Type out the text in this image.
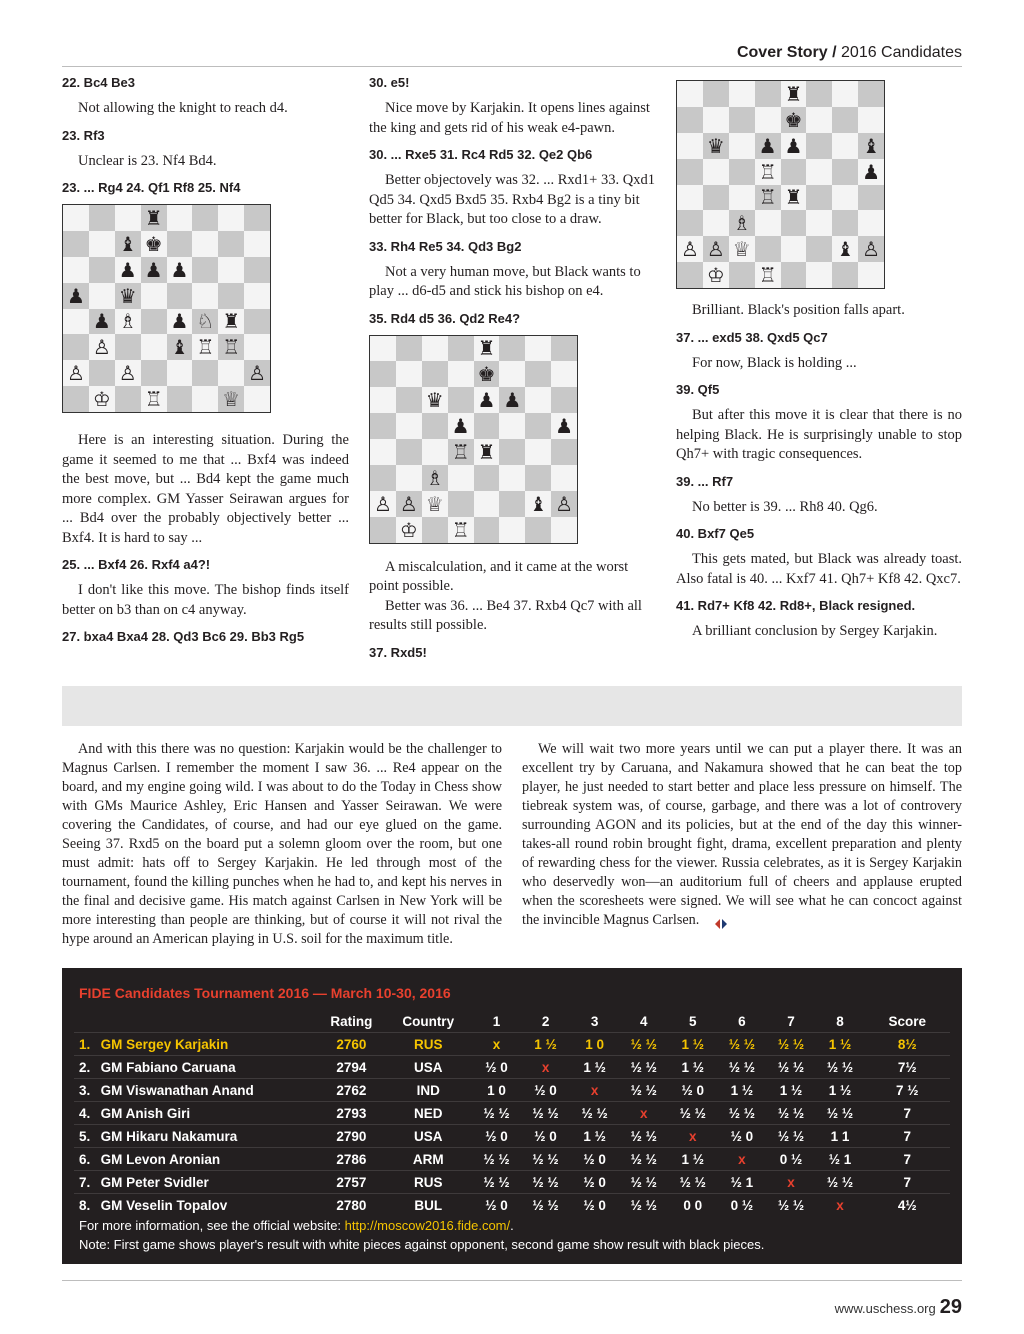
Cover Story / 2016 Candidates
22. Bc4 Be3
Not allowing the knight to reach d4.
23. Rf3
Unclear is 23. Nf4 Bd4.
23. ... Rg4 24. Qf1 Rf8 25. Nf4
♜
♝ ♚
♟ ♟ ♟
♟ ♛
♟ ♗ ♟ ♘ ♜
♙	♝ ♖ ♖
♙ ♙	♙
♔ ♖	♕
Here is an interesting situation. During the game it seemed to me that ... Bxf4 was indeed the best move, but ... Bd4 kept the game much more complex. GM Yasser Seirawan argues for ... Bd4 over the probably objectively better ... Bxf4. It is hard to say ...
25. ... Bxf4 26. Rxf4 a4?!
I don't like this move. The bishop finds itself better on b3 than on c4 anyway.
27. bxa4 Bxa4 28. Qd3 Bc6 29. Bb3 Rg5
30. e5!
Nice move by Karjakin. It opens lines against the king and gets rid of his weak e4-pawn.
30. ... Rxe5 31. Rc4 Rd5 32. Qe2 Qb6
Better objectovely was 32. ... Rxd1+ 33. Qxd1 Qd5 34. Qxd5 Bxd5 35. Rxb4 Bg2 is a tiny bit better for Black, but too close to a draw.
33. Rh4 Re5 34. Qd3 Bg2
Not a very human move, but Black wants to play ... d6-d5 and stick his bishop on e4.
35. Rd4 d5 36. Qd2 Re4?
♜
♚
♛ ♟ ♟
♟	♟
♖ ♜
♗
♙ ♙ ♕	♝ ♙
♔ ♖
A miscalculation, and it came at the worst point possible.
Better was 36. ... Be4 37. Rxb4 Qc7 with all results still possible.
37. Rxd5!
♜
♚
♛ ♟ ♟	♝
♖	♟
♖ ♜
♗
♙ ♙ ♕	♝ ♙
♔ ♖
Brilliant. Black's position falls apart.
37. ... exd5 38. Qxd5 Qc7
For now, Black is holding ...
39. Qf5
But after this move it is clear that there is no helping Black. He is surprisingly unable to stop Qh7+ with tragic consequences.
39. ... Rf7
No better is 39. ... Rh8 40. Qg6.
40. Bxf7 Qe5
This gets mated, but Black was already toast. Also fatal is 40. ... Kxf7 41. Qh7+ Kf8 42. Qxc7.
41. Rd7+ Kf8 42. Rd8+, Black resigned.
A brilliant conclusion by Sergey Karjakin.

And with this there was no question: Karjakin would be the challenger to Magnus Carlsen. I remember the moment I saw 36. ... Re4 appear on the board, and my engine going wild. I was about to do the Today in Chess show with GMs Maurice Ashley, Eric Hansen and Yasser Seirawan. We were covering the Candidates, of course, and had our eye glued on the game. Seeing 37. Rxd5 on the board put a solemn gloom over the room, but one must admit: hats off to Sergey Karjakin. He led through most of the tournament, found the killing punches when he had to, and kept his nerves in the final and decisive game. His match against Carlsen in New York will be more interesting than people are thinking, but of course it will not rival the hype around an American playing in U.S. soil for the maximum title.

We will wait two more years until we can put a player there. It was an excellent try by Caruana, and Nakamura showed that he can beat the top player, he just needed to start better and place less pressure on himself. The tiebreak system was, of course, garbage, and there was a lot of controvery surrounding AGON and its policies, but at the end of the day this winner-takes-all round robin brought fight, drama, excellent preparation and plenty of rewarding chess for the viewer. Russia celebrates, as it is Sergey Karjakin who deservedly won—an auditorium full of cheers and applause erupted when the scoresheets were signed. We will see what he can concoct against the invincible Magnus Carlsen.

FIDE Candidates Tournament 2016 — March 10-30, 2016
		Rating	Country	1	2	3	4	5	6	7	8	Score
1.	GM Sergey Karjakin	2760	RUS	x	1 ½	1 0	½ ½	1 ½	½ ½	½ ½	1 ½	8½
2.	GM Fabiano Caruana	2794	USA	½ 0	x	1 ½	½ ½	1 ½	½ ½	½ ½	½ ½	7½
3.	GM Viswanathan Anand	2762	IND	1 0	½ 0	x	½ ½	½ 0	1 ½	1 ½	1 ½	7 ½
4.	GM Anish Giri	2793	NED	½ ½	½ ½	½ ½	x	½ ½	½ ½	½ ½	½ ½	7
5.	GM Hikaru Nakamura	2790	USA	½ 0	½ 0	1 ½	½ ½	x	½ 0	½ ½	1 1	7
6.	GM Levon Aronian	2786	ARM	½ ½	½ ½	½ 0	½ ½	1 ½	x	0 ½	½ 1	7
7.	GM Peter Svidler	2757	RUS	½ ½	½ ½	½ 0	½ ½	½ ½	½ 1	x	½ ½	7
8.	GM Veselin Topalov	2780	BUL	½ 0	½ ½	½ 0	½ ½	0 0	0 ½	½ ½	x	4½
For more information, see the official website: http://moscow2016.fide.com/.
Note: First game shows player's result with white pieces against opponent, second game show result with black pieces.
www.uschess.org 29
